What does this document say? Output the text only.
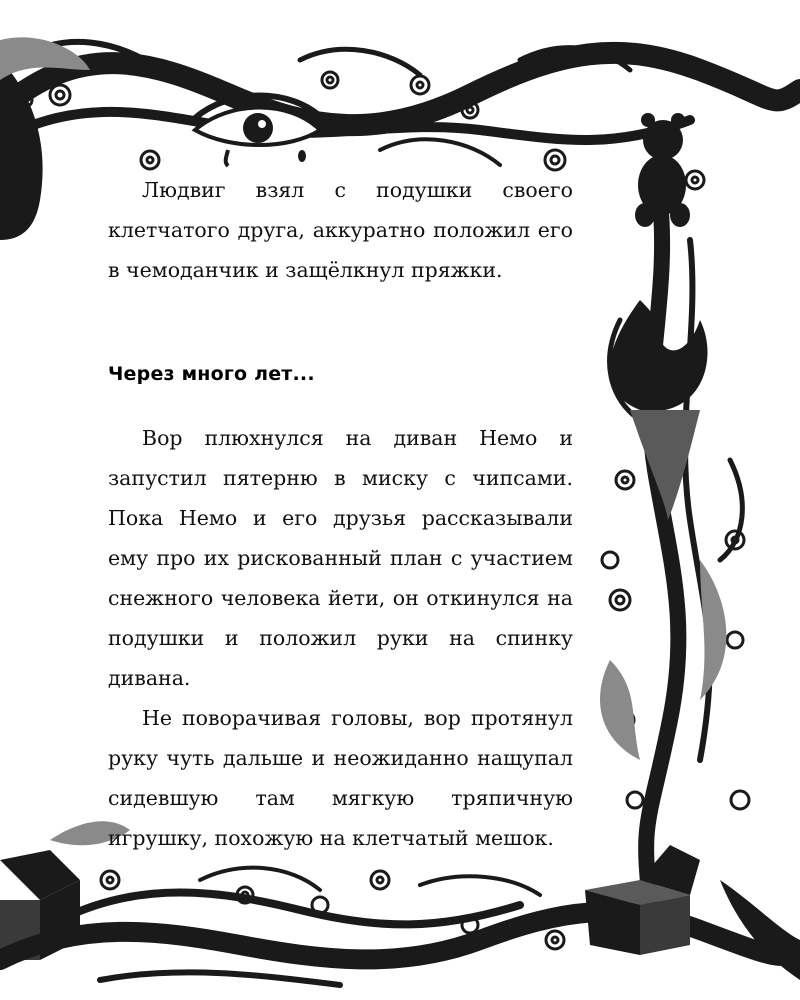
Людвиг взял с подушки своего клетчатого друга, аккуратно положил его в чемоданчик и защёлкнул пряжки.

Через много лет...

Вор плюхнулся на диван Немо и запустил пятерню в миску с чипсами. Пока Немо и его друзья рассказывали ему про их рискованный план с участием снежного человека йети, он откинулся на подушки и положил руки на спинку дивана.

Не поворачивая головы, вор протянул руку чуть дальше и неожиданно нащупал сидевшую там мягкую тряпичную игрушку, похожую на клетчатый мешок.
